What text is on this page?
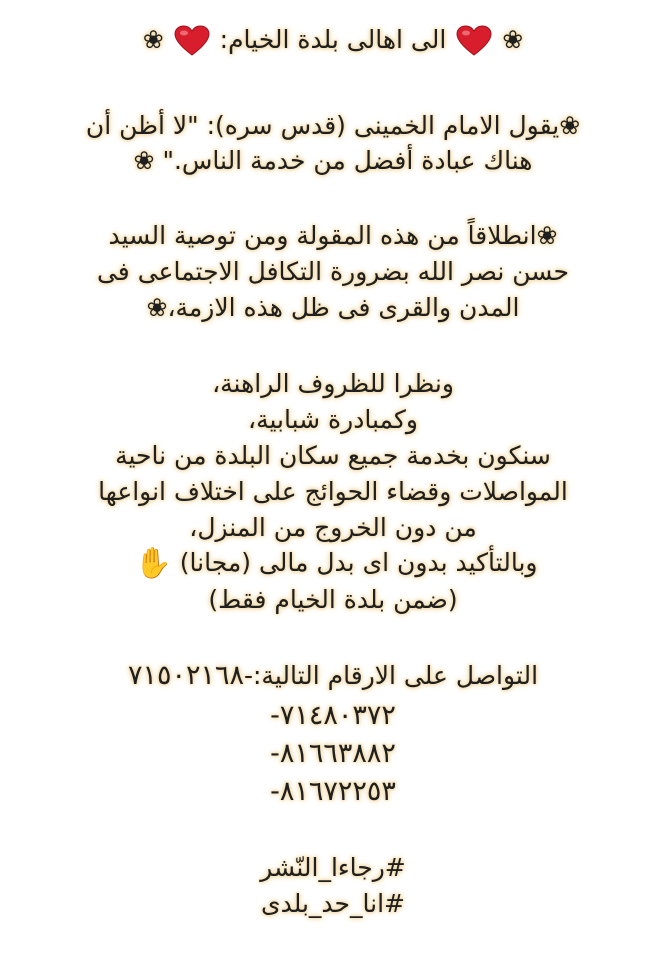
❀  الى اهالى بلدة الخيام:  ❀
❀يقول الامام الخمينى (قدس سره): "لا أظن أن
هناك عبادة أفضل من خدمة الناس." ❀
❀انطلاقاً من هذه المقولة ومن توصية السيد
حسن نصر الله بضرورة التكافل الاجتماعى فى
المدن والقرى فى ظل هذه الازمة،❀
ونظرا للظروف الراهنة،
وكمبادرة شبابية،
سنكون بخدمة جميع سكان البلدة من ناحية
المواصلات وقضاء الحوائج على اختلاف انواعها
من دون الخروج من المنزل،
وبالتأكيد بدون اى بدل مالى (مجانا) ✋
(ضمن بلدة الخيام فقط)
التواصل على الارقام التالية:-٧١٥٠٢١٦٨
٧١٤٨٠٣٧٢-
٨١٦٦٣٨٨٢-
٨١٦٧٢٢٥٣-
#رجاءا_النّشر
#انا_حد_بلدى
